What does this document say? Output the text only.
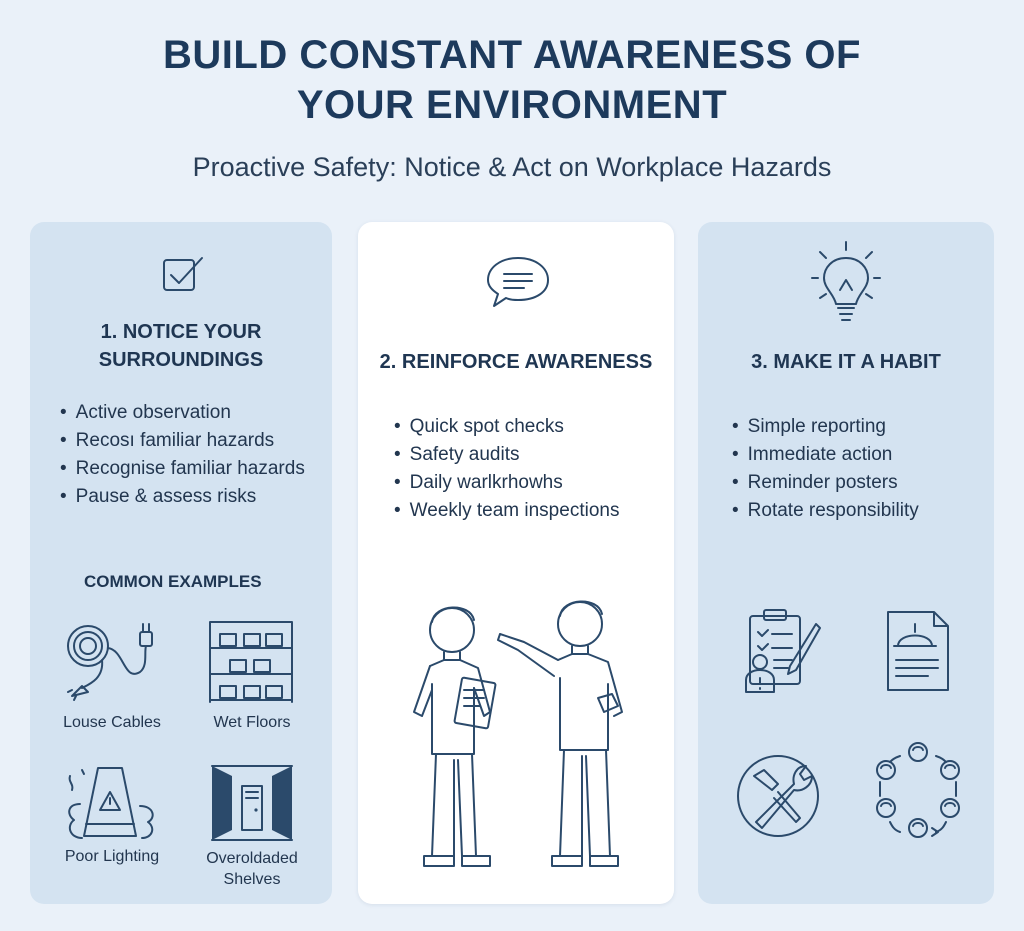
BUILD CONSTANT AWARENESS OF
YOUR ENVIRONMENT
Proactive Safety: Notice & Act on Workplace Hazards
1. NOTICE YOUR
SURROUNDINGS
• Active observation
• Recosı familiar hazards
• Recognise familiar hazards
• Pause & assess risks
COMMON EXAMPLES
Louse Cables	Wet Floors
Poor Lighting	Overoldaded
Shelves
2. REINFORCE AWARENESS
• Quick spot checks
• Safety audits
• Daily warlkrhowhs
• Weekly team inspections
3. MAKE IT A HABIT
• Simple reporting
• Immediate action
• Reminder posters
• Rotate responsibility
